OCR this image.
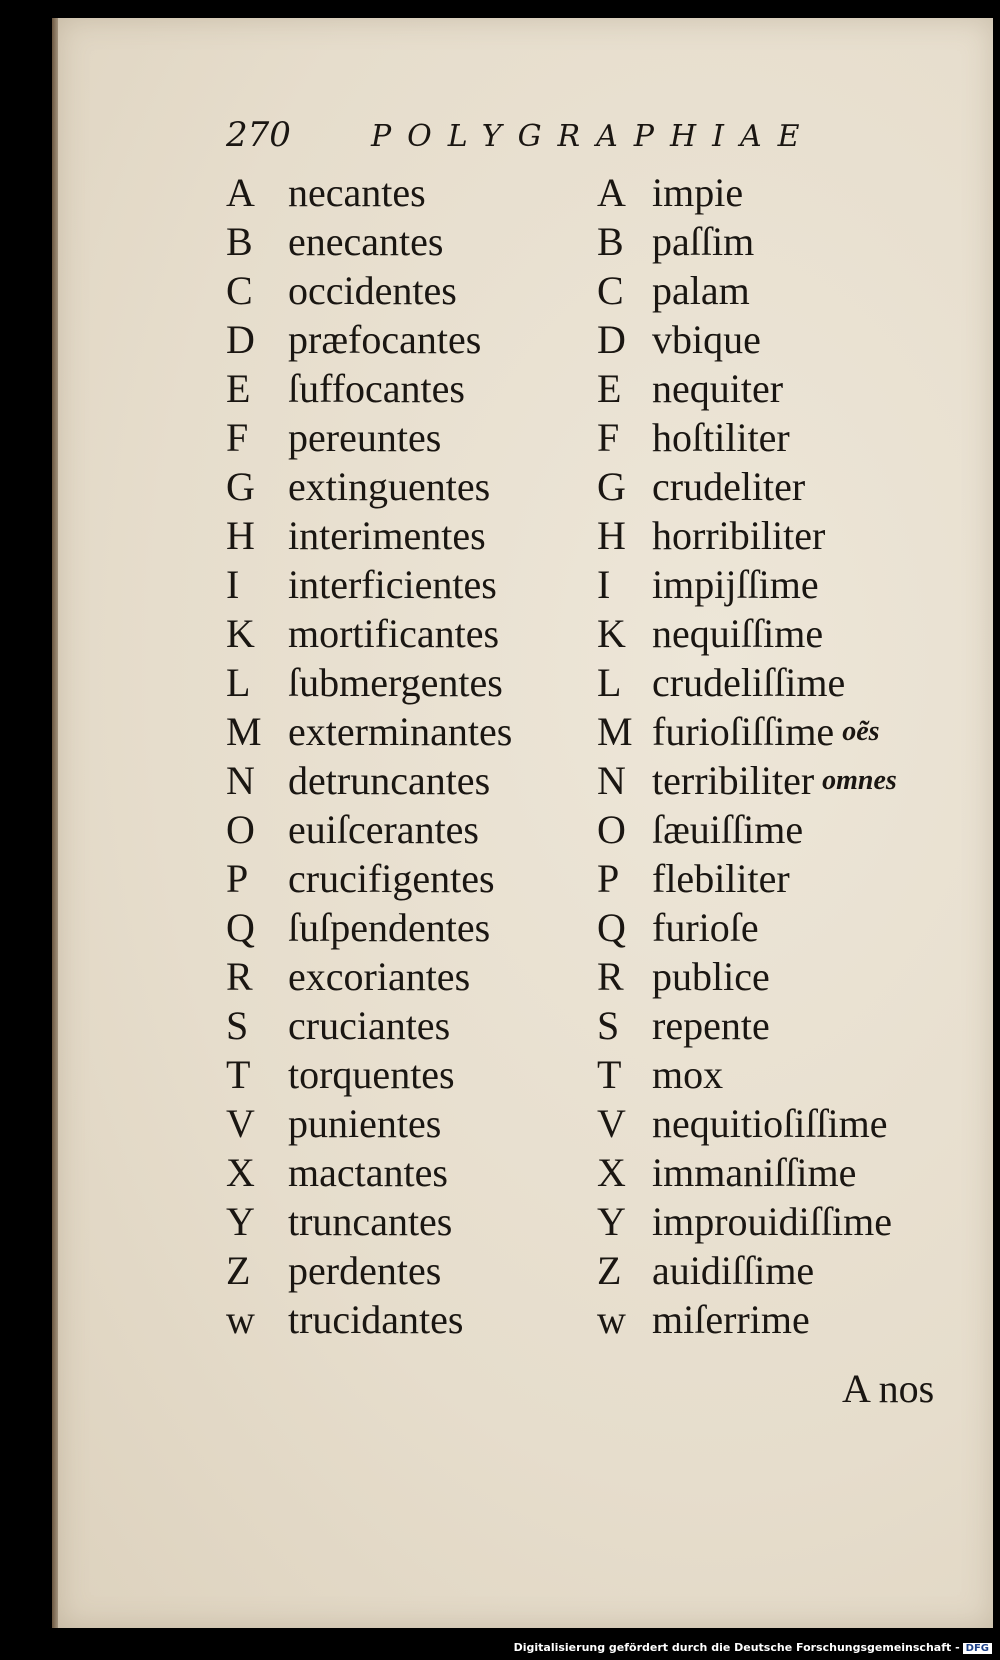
270	POLYGRAPHIAE
A necantes
B enecantes
C occidentes
D præfocantes
E ſuffocantes
F pereuntes
G extinguentes
H interimentes
I	interficientes
K mortificantes
L ſubmergentes
M exterminantes
N detruncantes
O euiſcerantes
P crucifigentes
Q ſuſpendentes
R excoriantes
S cruciantes
T torquentes
V punientes
X mactantes
Y truncantes
Z perdentes
w trucidantes
A impie
B paſſim
C palam
D vbique
E nequiter
F hoſtiliter
G crudeliter
H horribiliter
I	impijſſime
K nequiſſime
L crudeliſſime
M furioſiſſime oẽs
N terribiliter omnes
O ſæuiſſime
P flebiliter
Q furioſe
R publice
S repente
T mox
V nequitioſiſſime
X immaniſſime
Y improuidiſſime
Z auidiſſime
w miſerrime
A nos
Digitalisierung gefördert durch die Deutsche Forschungsgemeinschaft - DFG
